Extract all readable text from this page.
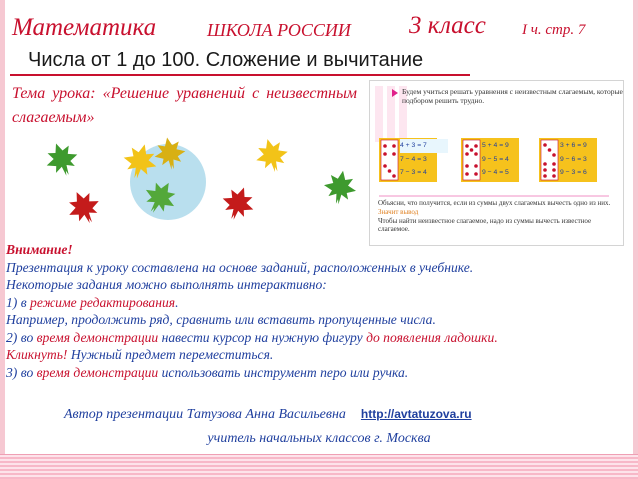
Математика	ШКОЛА РОССИИ 3 класс I ч. стр. 7
Числа от 1 до 100. Сложение и вычитание
Тема урока: «Решение уравнений с неизвестным слагаемым»
Будем учиться решать уравнения с неизвестным слагаемым, которые подбором решить трудно.
4 + 3 = 7
7 − 4 = 3
7 − 3 = 4
5 + 4 = 9
9 − 5 = 4
9 − 4 = 5
3 + 6 = 9
9 − 6 = 3
9 − 3 = 6
Объясни, что получится, если из суммы двух слагаемых вычесть одно из них.
Значит вывод
Чтобы найти неизвестное слагаемое, надо из суммы вычесть известное слагаемое.
Внимание!
Презентация к уроку составлена на основе заданий, расположенных в учебнике.
Некоторые задания можно выполнять интерактивно:
1) в режиме редактирования.
Например, продолжить ряд, сравнить или вставить пропущенные числа.
2) во время демонстрации навести курсор на нужную фигуру до появления ладошки.
Кликнуть! Нужный предмет переместиться.
3) во время демонстрации использовать инструмент перо или ручка.
Автор презентации Татузова Анна Васильевна http://avtatuzova.ru
учитель начальных классов г. Москва
